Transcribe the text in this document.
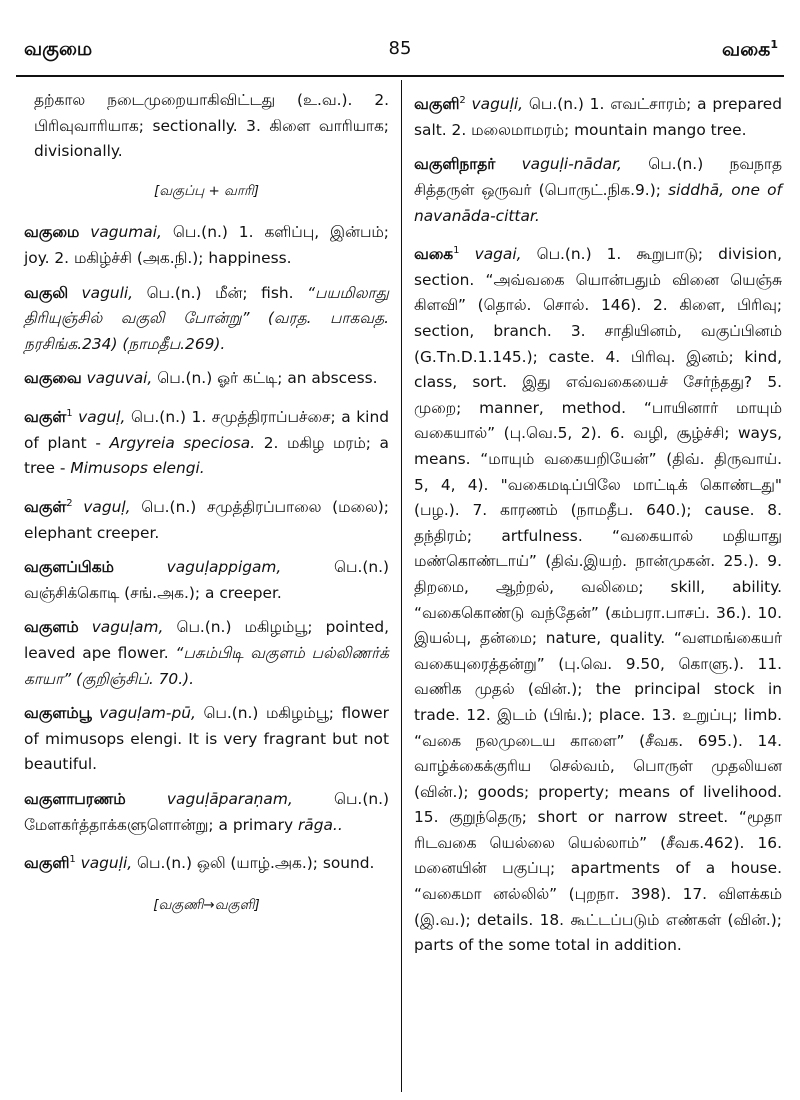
வகுமை	85	வகை$^1$
தற்கால நடைமுறையாகிவிட்டது (உ.வ.). 2. பிரிவுவாரியாக; sectionally. 3. கிளை வாரியாக; divisionally.
[வகுப்பு + வாரி]
வகுமை vagumai, பெ.(n.) 1. களிப்பு, இன்பம்; joy. 2. மகிழ்ச்சி (அக.நி.); happiness.
வகுலி vaguli, பெ.(n.) மீன்; fish. “பயமிலாது திரியுஞ்சில் வகுலி போன்று” (வரத. பாகவத. நரசிங்க.234) (நாமதீப.269).
வகுவை vaguvai, பெ.(n.) ஓர் கட்டி; an abscess.
வகுள்$^1$ vaguḷ, பெ.(n.) 1. சமுத்திராப்பச்சை; a kind of plant - Argyreia speciosa. 2. மகிழ மரம்; a tree - Mimusops elengi.
வகுள்$^2$ vaguḷ, பெ.(n.) சமுத்திரப்பாலை (மலை); elephant creeper.
வகுளப்பிகம்	vaguḷappigam,	பெ.(n.) வஞ்சிக்கொடி (சங்.அக.); a creeper.
வகுளம் vaguḷam, பெ.(n.) மகிழம்பூ; pointed, leaved ape flower. “பசும்பிடி வகுளம் பல்லிணர்க் காயா” (குறிஞ்சிப். 70.).
வகுளம்பூ vaguḷam-pū, பெ.(n.) மகிழம்பூ; flower of mimusops elengi. It is very fragrant but not beautiful.
வகுளாபரணம்	vaguḷāparaṇam,	பெ.(n.) மேளகர்த்தாக்களுளொன்று; a primary rāga..
வகுளி$^1$ vaguḷi, பெ.(n.) ஒலி (யாழ்.அக.); sound.
[வகுணி→வகுளி]
வகுளி$^2$ vaguḷi, பெ.(n.) 1. எவட்சாரம்; a prepared salt. 2. மலைமாமரம்; mountain mango tree.
வகுளிநாதர் vaguḷi-nādar, பெ.(n.) நவநாத சித்தருள் ஒருவர் (பொருட்.நிக.9.); siddhā, one of navanāda-cittar.
வகை$^1$ vagai, பெ.(n.) 1. கூறுபாடு; division, section. “அவ்வகை யொன்பதும் வினை யெஞ்சு கிளவி” (தொல். சொல். 146). 2. கிளை, பிரிவு; section, branch. 3. சாதியினம், வகுப்பினம் (G.Tn.D.1.145.); caste. 4. பிரிவு. இனம்; kind, class, sort. இது எவ்வகையைச் சேர்ந்தது? 5. முறை; manner, method. “பாயினார் மாயும் வகையால்” (பு.வெ.5, 2). 6. வழி, சூழ்ச்சி; ways, means. “மாயும் வகையறியேன்” (திவ். திருவாய். 5, 4, 4). "வகைமடிப்பிலே மாட்டிக் கொண்டது" (பழ.). 7. காரணம் (நாமதீப. 640.); cause. 8. தந்திரம்; artfulness. “வகையால் மதியாது மண்கொண்டாய்” (திவ்.இயற். நான்முகன். 25.). 9. திறமை, ஆற்றல், வலிமை; skill, ability. “வகைகொண்டு வந்தேன்” (கம்பரா.பாசப். 36.). 10. இயல்பு, தன்மை; nature, quality. “வளமங்கையர் வகையுரைத்தன்று” (பு.வெ. 9.50, கொளு.). 11. வணிக முதல் (வின்.); the principal stock in trade. 12. இடம் (பிங்.); place. 13. உறுப்பு; limb. “வகை நலமுடைய காளை” (சீவக. 695.). 14. வாழ்க்கைக்குரிய செல்வம், பொருள் முதலியன (வின்.); goods; property; means of livelihood. 15. குறுந்தெரு; short or narrow street. “மூதா ரிடவகை யெல்லை யெல்லாம்” (சீவக.462). 16. மனையின் பகுப்பு; apartments of a house. “வகைமா னல்லில்” (புறநா. 398). 17. விளக்கம் (இ.வ.); details. 18. கூட்டப்படும் எண்கள் (வின்.); parts of the some total in addition.
